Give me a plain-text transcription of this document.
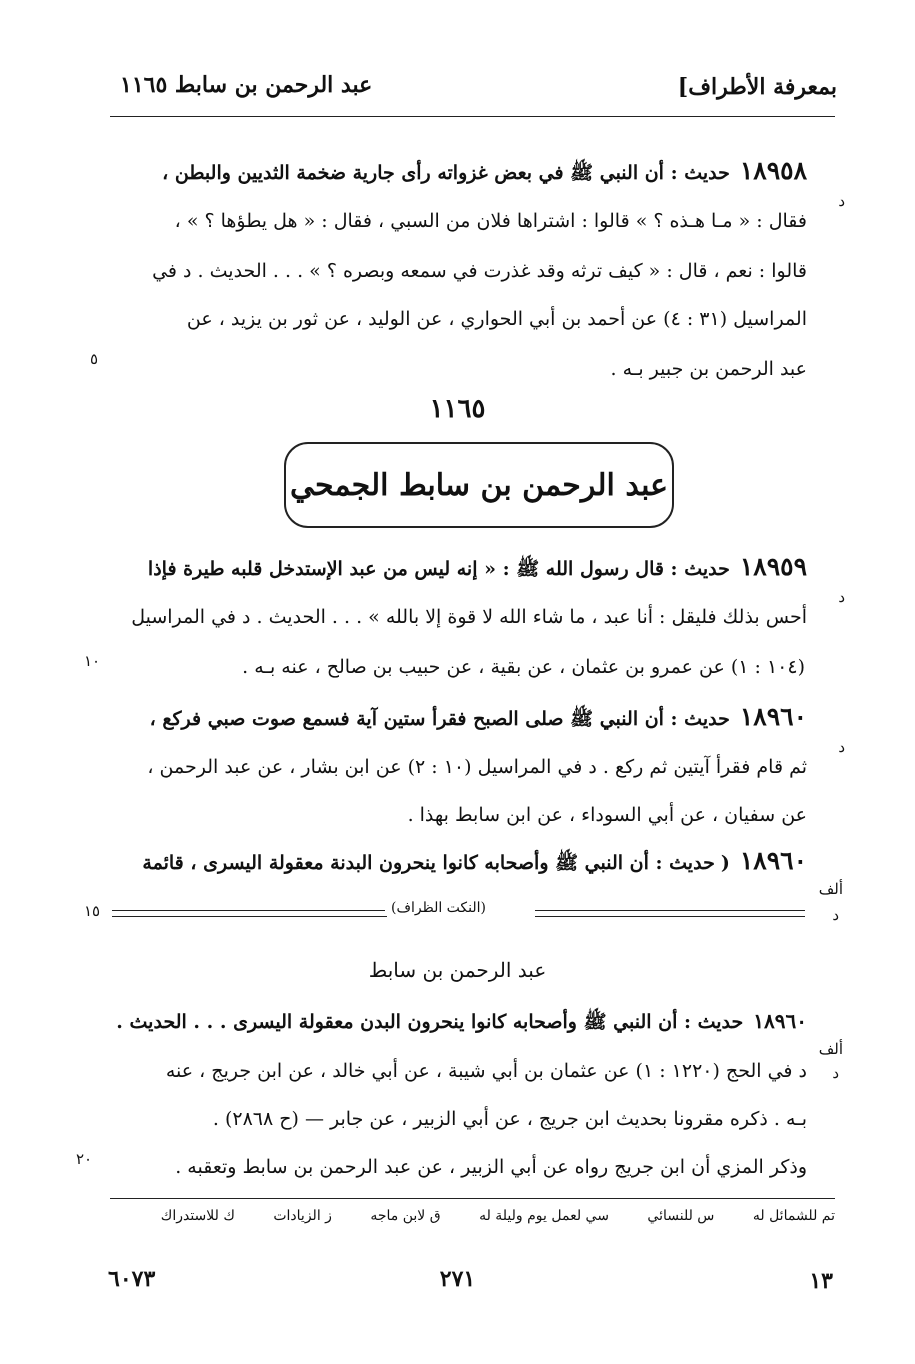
بمعرفة الأطراف]
عبد الرحمن بن سابط ١١٦٥
١٨٩٥٨حديث : أن النبي ﷺ في بعض غزواته رأى جارية ضخمة الثديين والبطن ،
د
فقال : « مـا هـذه ؟ » قالوا : اشتراها فلان من السبي ، فقال : « هل يطؤها ؟ » ،
قالوا : نعم ، قال : « كيف ترثه وقد غذرت في سمعه وبصره ؟ » . . . الحديث . د في
المراسيل (٣١ : ٤) عن أحمد بن أبي الحواري ، عن الوليد ، عن ثور بن يزيد ، عن
عبد الرحمن بن جبير بـه .
٥
١١٦٥
عبد الرحمن بن سابط الجمحي
١٨٩٥٩حديث : قال رسول الله ﷺ : « إنه ليس من عبد الإستدخل قلبه طيرة فإذا
د
أحس بذلك فليقل : أنا عبد ، ما شاء الله لا قوة إلا بالله » . . . الحديث . د في المراسيل
(١٠٤ : ١) عن عمرو بن عثمان ، عن بقية ، عن حبيب بن صالح ، عنه بـه .
١٠
١٨٩٦٠حديث : أن النبي ﷺ صلى الصبح فقرأ ستين آية فسمع صوت صبي فركع ،
د
ثم قام فقرأ آيتين ثم ركع . د في المراسيل (١٠ : ٢) عن ابن بشار ، عن عبد الرحمن ،
عن سفيان ، عن أبي السوداء ، عن ابن سابط بهذا .
١٨٩٦٠( حديث : أن النبي ﷺ وأصحابه كانوا ينحرون البدنة معقولة اليسرى ، قائمة
ألف
د
(النكت الظراف)
١٥
عبد الرحمن بن سابط
١٨٩٦٠حديث : أن النبي ﷺ وأصحابه كانوا ينحرون البدن معقولة اليسرى . . . الحديث .
ألف
د
د في الحج (١٢٢٠ : ١) عن عثمان بن أبي شيبة ، عن أبي خالد ، عن ابن جريج ، عنه
بـه . ذكره مقرونا بحديث ابن جريج ، عن أبي الزبير ، عن جابر — (ح ٢٨٦٨) .
وذكر المزي أن ابن جريج رواه عن أبي الزبير ، عن عبد الرحمن بن سابط وتعقبه .
٢٠
تم للشمائل له س للنسائي سي لعمل يوم وليلة له ق لابن ماجه ز الزيادات ك للاستدراك
١٣
٢٧١
٦٠٧٣
